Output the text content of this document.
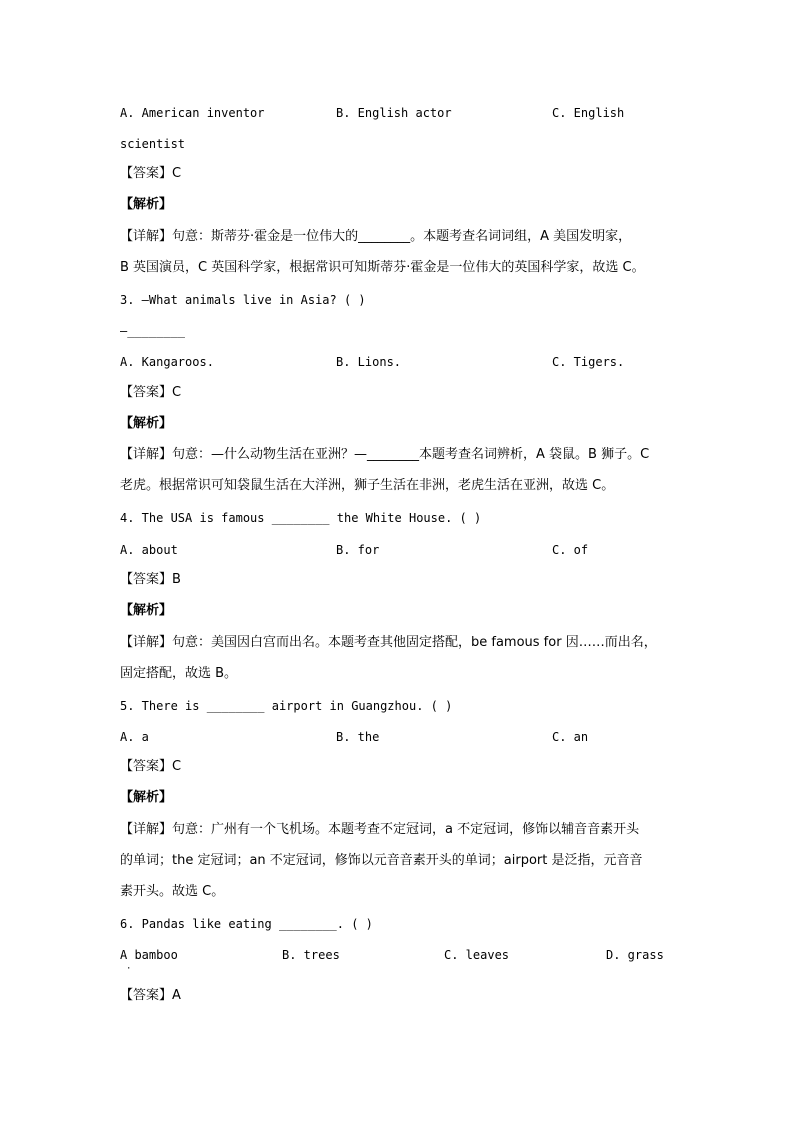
A. American inventor	B. English actor	C. English
scientist
【答案】C
【解析】
【详解】句意：斯蒂芬·霍金是一位伟大的________。本题考查名词词组，A 美国发明家，
B 英国演员，C 英国科学家，根据常识可知斯蒂芬·霍金是一位伟大的英国科学家，故选 C。
3. —What animals live in Asia? ( )
—________
A. Kangaroos.	B. Lions.	C. Tigers.
【答案】C
【解析】
【详解】句意：—什么动物生活在亚洲？—________本题考查名词辨析，A 袋鼠。B 狮子。C
老虎。根据常识可知袋鼠生活在大洋洲，狮子生活在非洲，老虎生活在亚洲，故选 C。
4. The USA is famous ________ the White House. ( )
A. about	B. for	C. of
【答案】B
【解析】
【详解】句意：美国因白宫而出名。本题考查其他固定搭配，be famous for 因……而出名，
固定搭配，故选 B。
5. There is ________ airport in Guangzhou. ( )
A. a	B. the	C. an
【答案】C
【解析】
【详解】句意：广州有一个飞机场。本题考查不定冠词，a 不定冠词，修饰以辅音音素开头
的单词；the 定冠词；an 不定冠词，修饰以元音音素开头的单词；airport 是泛指，元音音
素开头。故选 C。
6. Pandas like eating ________. ( )
A bamboo
·
B. trees	C. leaves	D. grass
【答案】A
